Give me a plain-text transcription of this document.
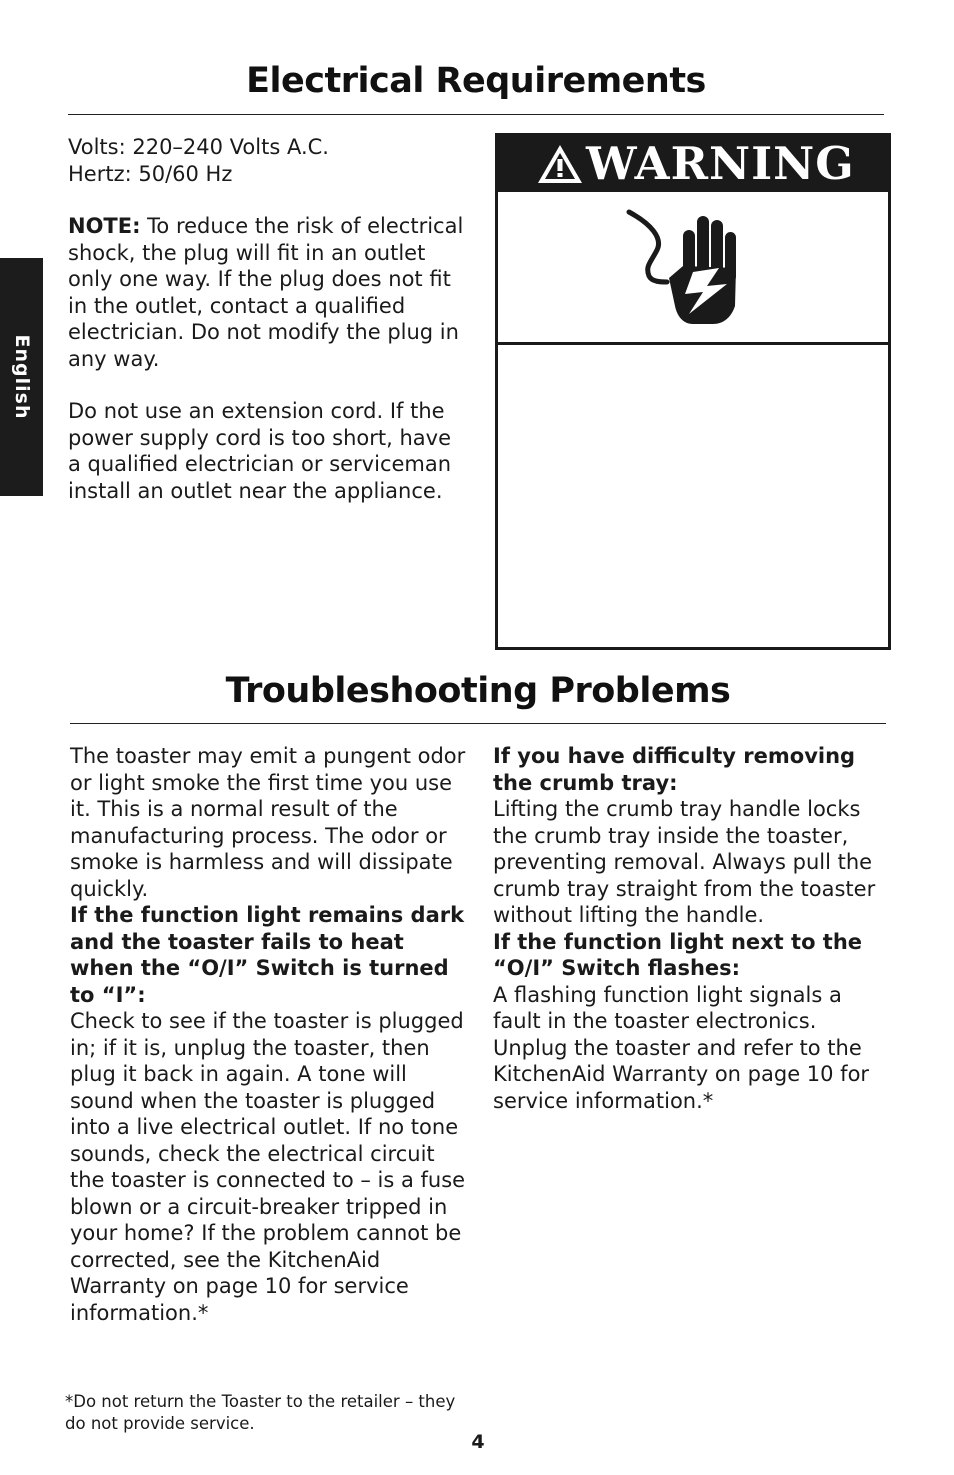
English
Electrical Requirements

Volts: 220–240 Volts A.C.

Hertz: 50/60 Hz

NOTE: To reduce the risk of electrical shock, the plug will fit in an outlet only one way. If the plug does not fit in the outlet, contact a qualified electrician. Do not modify the plug in any way.

Do not use an extension cord. If the power supply cord is too short, have a qualified electrician or serviceman install an outlet near the appliance.

WARNING
Troubleshooting Problems

The toaster may emit a pungent odor or light smoke the first time you use it. This is a normal result of the manufacturing process. The odor or smoke is harmless and will dissipate quickly.

If the function light remains dark and the toaster fails to heat when the “O/I” Switch is turned to “I”:

Check to see if the toaster is plugged in; if it is, unplug the toaster, then plug it back in again. A tone will sound when the toaster is plugged into a live electrical outlet. If no tone sounds, check the electrical circuit the toaster is connected to – is a fuse blown or a circuit-breaker tripped in your home? If the problem cannot be corrected, see the KitchenAid Warranty on page 10 for service information.*

If you have difficulty removing the crumb tray:

Lifting the crumb tray handle locks the crumb tray inside the toaster, preventing removal. Always pull the crumb tray straight from the toaster without lifting the handle.

If the function light next to the “O/I” Switch flashes:

A flashing function light signals a fault in the toaster electronics. Unplug the toaster and refer to the KitchenAid Warranty on page 10 for service information.*

*Do not return the Toaster to the retailer – they do not provide service.
4
